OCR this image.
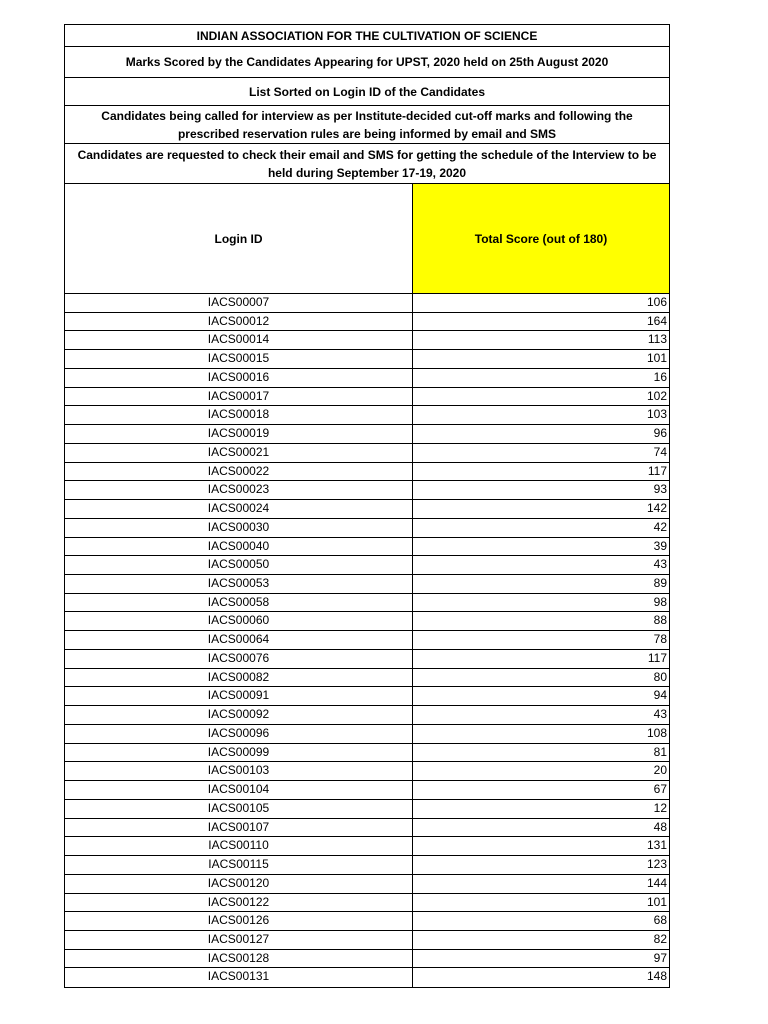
INDIAN ASSOCIATION FOR THE CULTIVATION OF SCIENCE
Marks Scored by the Candidates Appearing for UPST, 2020 held on 25th August 2020
List Sorted on Login ID of the Candidates
Candidates being called for interview as per Institute-decided cut-off marks and following the prescribed reservation rules are being informed by email and SMS
Candidates are requested to check their email and SMS for getting the schedule of the Interview to be held during September 17-19, 2020
Login ID	Total Score (out of 180)
IACS00007	106
IACS00012	164
IACS00014	113
IACS00015	101
IACS00016	16
IACS00017	102
IACS00018	103
IACS00019	96
IACS00021	74
IACS00022	117
IACS00023	93
IACS00024	142
IACS00030	42
IACS00040	39
IACS00050	43
IACS00053	89
IACS00058	98
IACS00060	88
IACS00064	78
IACS00076	117
IACS00082	80
IACS00091	94
IACS00092	43
IACS00096	108
IACS00099	81
IACS00103	20
IACS00104	67
IACS00105	12
IACS00107	48
IACS00110	131
IACS00115	123
IACS00120	144
IACS00122	101
IACS00126	68
IACS00127	82
IACS00128	97
IACS00131	148
